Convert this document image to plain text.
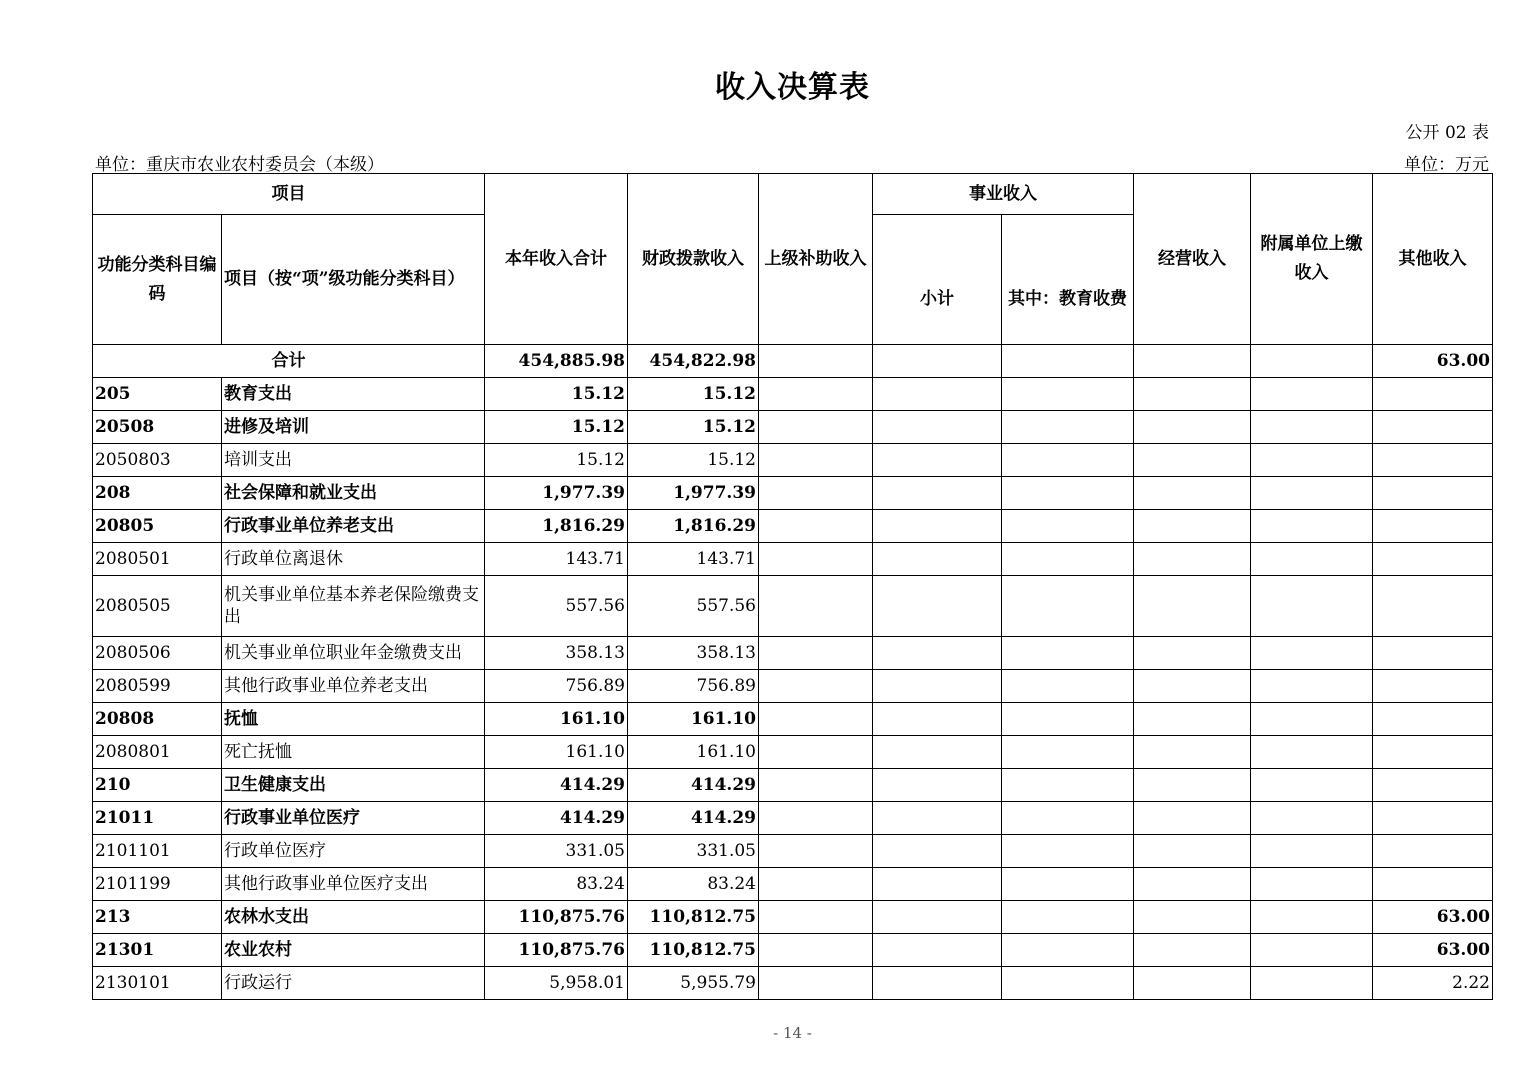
收入决算表
公开 02 表
单位：重庆市农业农村委员会（本级）	单位：万元
项目		本年收入合计	财政拨款收入	上级补助收入	事业收入		经营收入	附属单位上缴收入	其他收入
功能分类科目编码	项目（按“项”级功能分类科目）				小计	其中：教育收费			
合计		454,885.98	454,822.98						63.00
205	教育支出	15.12	15.12						
20508	进修及培训	15.12	15.12						
2050803	培训支出	15.12	15.12						
208	社会保障和就业支出	1,977.39	1,977.39						
20805	行政事业单位养老支出	1,816.29	1,816.29						
2080501	行政单位离退休	143.71	143.71						
2080505	机关事业单位基本养老保险缴费支出	557.56	557.56						
2080506	机关事业单位职业年金缴费支出	358.13	358.13						
2080599	其他行政事业单位养老支出	756.89	756.89						
20808	抚恤	161.10	161.10						
2080801	死亡抚恤	161.10	161.10						
210	卫生健康支出	414.29	414.29						
21011	行政事业单位医疗	414.29	414.29						
2101101	行政单位医疗	331.05	331.05						
2101199	其他行政事业单位医疗支出	83.24	83.24						
213	农林水支出	110,875.76	110,812.75						63.00
21301	农业农村	110,875.76	110,812.75						63.00
2130101	行政运行	5,958.01	5,955.79						2.22
- 14 -
